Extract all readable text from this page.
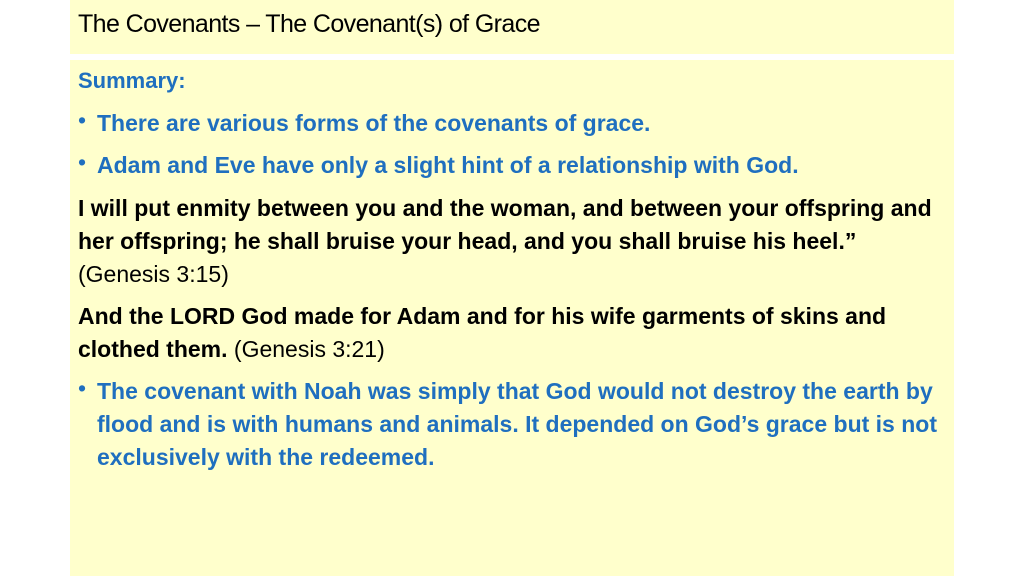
The Covenants – The Covenant(s) of Grace
Summary:
• There are various forms of the covenants of grace.
• Adam and Eve have only a slight hint of a relationship with God.
I will put enmity between you and the woman, and between your offspring and her offspring; he shall bruise your head, and you shall bruise his heel.” (Genesis 3:15)
And the LORD God made for Adam and for his wife garments of skins and clothed them. (Genesis 3:21)
• The covenant with Noah was simply that God would not destroy the earth by flood and is with humans and animals. It depended on God’s grace but is not exclusively with the redeemed.
